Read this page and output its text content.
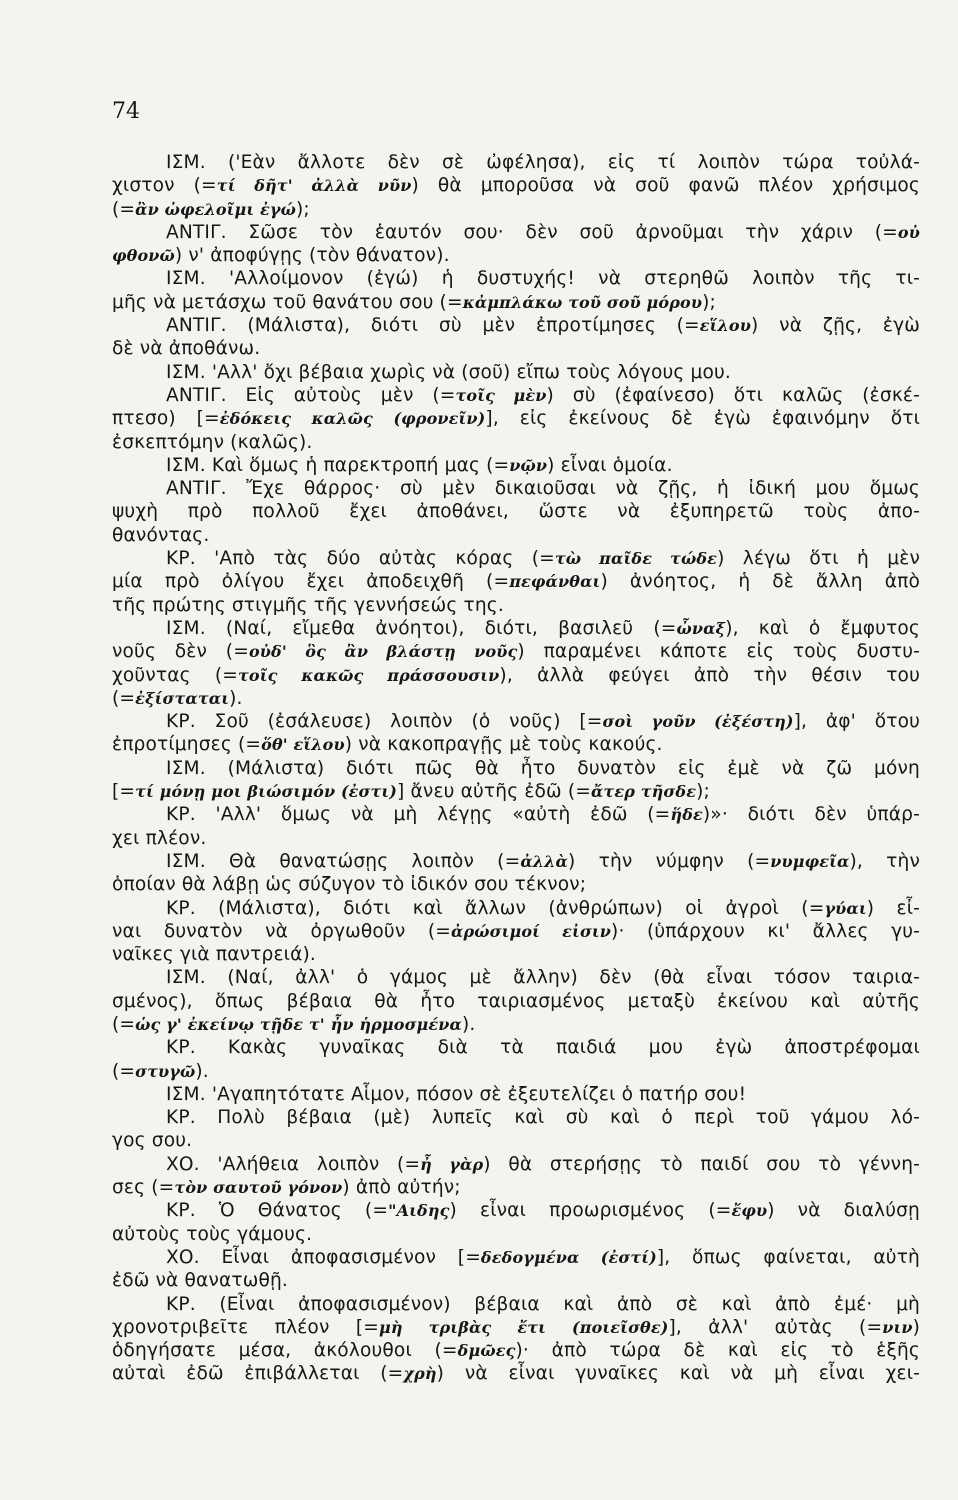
74
ΙΣΜ. ('Εὰν ἄλλοτε δὲν σὲ ὠφέλησα), εἰς τί λοιπὸν τώρα τοὐλά-
χιστον (=τί δῆτ' ἀλλὰ νῦν) θὰ μποροῦσα νὰ σοῦ φανῶ πλέον χρήσιμος
(=ἂν ὠφελοῖμι ἐγώ);
ΑΝΤΙΓ. Σῶσε τὸν ἑαυτόν σου· δὲν σοῦ ἀρνοῦμαι τὴν χάριν (=οὐ
φθονῶ) ν' ἀποφύγῃς (τὸν θάνατον).
ΙΣΜ. 'Αλλοίμονον (ἐγώ) ἡ δυστυχής! νὰ στερηθῶ λοιπὸν τῆς τι-
μῆς νὰ μετάσχω τοῦ θανάτου σου (=κἀμπλάκω τοῦ σοῦ μόρου);
ΑΝΤΙΓ. (Μάλιστα), διότι σὺ μὲν ἐπροτίμησες (=εἵλου) νὰ ζῇς, ἐγὼ
δὲ νὰ ἀποθάνω.
ΙΣΜ. 'Αλλ' ὄχι βέβαια χωρὶς νὰ (σοῦ) εἴπω τοὺς λόγους μου.
ΑΝΤΙΓ. Εἰς αὐτοὺς μὲν (=τοῖς μὲν) σὺ (ἐφαίνεσο) ὅτι καλῶς (ἐσκέ-
πτεσο) [=ἐδόκεις καλῶς (φρονεῖν)], εἰς ἐκείνους δὲ ἐγὼ ἐφαινόμην ὅτι
ἐσκεπτόμην (καλῶς).
ΙΣΜ. Καὶ ὅμως ἡ παρεκτροπή μας (=νῷν) εἶναι ὁμοία.
ΑΝΤΙΓ. Ἔχε θάρρος· σὺ μὲν δικαιοῦσαι νὰ ζῇς, ἡ ἰδική μου ὅμως
ψυχὴ πρὸ πολλοῦ ἔχει ἀποθάνει, ὥστε νὰ ἐξυπηρετῶ τοὺς ἀπο-
θανόντας.
ΚΡ. 'Απὸ τὰς δύο αὐτὰς κόρας (=τὼ παῖδε τώδε) λέγω ὅτι ἡ μὲν
μία πρὸ ὀλίγου ἔχει ἀποδειχθῆ (=πεφάνθαι) ἀνόητος, ἡ δὲ ἄλλη ἀπὸ
τῆς πρώτης στιγμῆς τῆς γεννήσεώς της.
ΙΣΜ. (Ναί, εἴμεθα ἀνόητοι), διότι, βασιλεῦ (=ὦναξ), καὶ ὁ ἔμφυτος
νοῦς δὲν (=οὐδ' ὃς ἂν βλάστῃ νοῦς) παραμένει κάποτε εἰς τοὺς δυστυ-
χοῦντας (=τοῖς κακῶς πράσσουσιν), ἀλλὰ φεύγει ἀπὸ τὴν θέσιν του
(=ἐξίσταται).
ΚΡ. Σοῦ (ἐσάλευσε) λοιπὸν (ὁ νοῦς) [=σοὶ γοῦν (ἐξέστη)], ἀφ' ὅτου
ἐπροτίμησες (=ὅθ' εἵλου) νὰ κακοπραγῇς μὲ τοὺς κακούς.
ΙΣΜ. (Μάλιστα) διότι πῶς θὰ ἦτο δυνατὸν εἰς ἐμὲ νὰ ζῶ μόνη
[=τί μόνῃ μοι βιώσιμόν (ἐστι)] ἄνευ αὐτῆς ἐδῶ (=ἄτερ τῆσδε);
ΚΡ. 'Αλλ' ὅμως νὰ μὴ λέγῃς «αὐτὴ ἐδῶ (=ἥδε)»· διότι δὲν ὑπάρ-
χει πλέον.
ΙΣΜ. Θὰ θανατώσῃς λοιπὸν (=ἀλλὰ) τὴν νύμφην (=νυμφεῖα), τὴν
ὁποίαν θὰ λάβῃ ὡς σύζυγον τὸ ἰδικόν σου τέκνον;
ΚΡ. (Μάλιστα), διότι καὶ ἄλλων (ἀνθρώπων) οἱ ἀγροὶ (=γύαι) εἶ-
ναι δυνατὸν νὰ ὀργωθοῦν (=ἀρώσιμοί εἰσιν)· (ὑπάρχουν κι' ἄλλες γυ-
ναῖκες γιὰ παντρειά).
ΙΣΜ. (Ναί, ἀλλ' ὁ γάμος μὲ ἄλλην) δὲν (θὰ εἶναι τόσον ταιρια-
σμένος), ὅπως βέβαια θὰ ἦτο ταιριασμένος μεταξὺ ἐκείνου καὶ αὐτῆς
(=ὡς γ' ἐκείνῳ τῇδε τ' ἦν ἡρμοσμένα).
ΚΡ. Κακὰς γυναῖκας διὰ τὰ παιδιά μου ἐγὼ ἀποστρέφομαι
(=στυγῶ).
ΙΣΜ. 'Αγαπητότατε Αἷμον, πόσον σὲ ἐξευτελίζει ὁ πατήρ σου!
ΚΡ. Πολὺ βέβαια (μὲ) λυπεῖς καὶ σὺ καὶ ὁ περὶ τοῦ γάμου λό-
γος σου.
ΧΟ. 'Αλήθεια λοιπὸν (=ἦ γὰρ) θὰ στερήσῃς τὸ παιδί σου τὸ γέννη-
σες (=τὸν σαυτοῦ γόνον) ἀπὸ αὐτήν;
ΚΡ. Ὁ Θάνατος (="Αιδης) εἶναι προωρισμένος (=ἔφυ) νὰ διαλύσῃ
αὐτοὺς τοὺς γάμους.
ΧΟ. Εἶναι ἀποφασισμένον [=δεδογμένα (ἐστί)], ὅπως φαίνεται, αὐτὴ
ἐδῶ νὰ θανατωθῇ.
ΚΡ. (Εἶναι ἀποφασισμένον) βέβαια καὶ ἀπὸ σὲ καὶ ἀπὸ ἐμέ· μὴ
χρονοτριβεῖτε πλέον [=μὴ τριβὰς ἔτι (ποιεῖσθε)], ἀλλ' αὐτὰς (=νιν)
ὁδηγήσατε μέσα, ἀκόλουθοι (=δμῶες)· ἀπὸ τώρα δὲ καὶ εἰς τὸ ἑξῆς
αὐταὶ ἐδῶ ἐπιβάλλεται (=χρὴ) νὰ εἶναι γυναῖκες καὶ νὰ μὴ εἶναι χει-
